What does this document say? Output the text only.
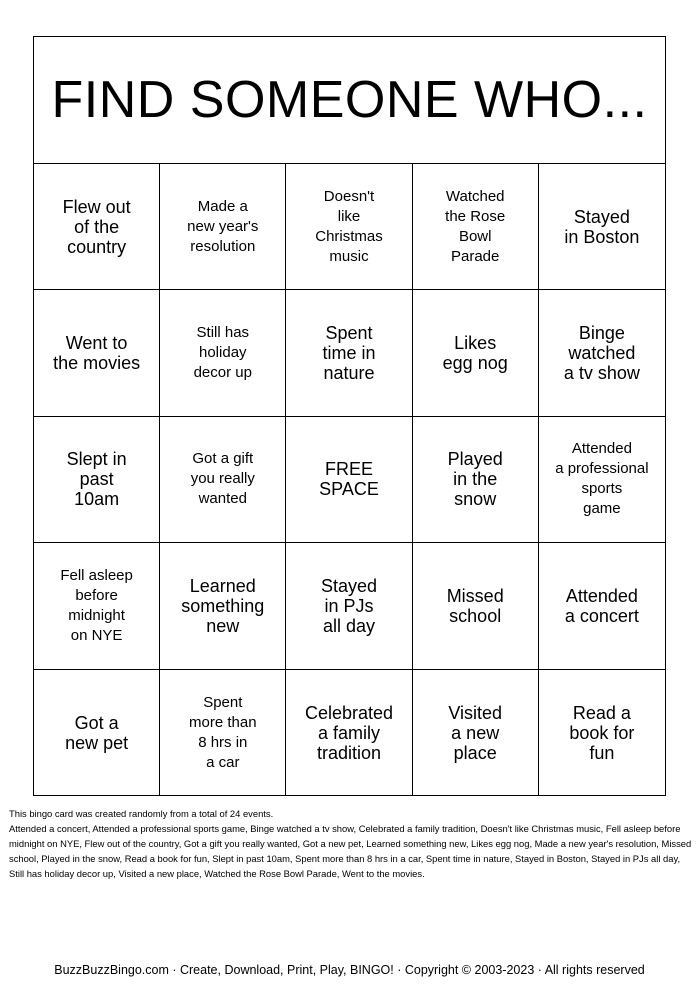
FIND SOMEONE WHO...
Flew out
of the
country
Made a
new year's
resolution
Doesn't
like
Christmas
music
Watched
the Rose
Bowl
Parade
Stayed
in Boston
Went to
the movies
Still has
holiday
decor up
Spent
time in
nature
Likes
egg nog
Binge
watched
a tv show
Slept in
past
10am
Got a gift
you really
wanted
FREE
SPACE
Played
in the
snow
Attended
a professional
sports
game
Fell asleep
before
midnight
on NYE
Learned
something
new
Stayed
in PJs
all day
Missed
school
Attended
a concert
Got a
new pet
Spent
more than
8 hrs in
a car
Celebrated
a family
tradition
Visited
a new
place
Read a
book for
fun
This bingo card was created randomly from a total of 24 events.
Attended a concert, Attended a professional sports game, Binge watched a tv show, Celebrated a family tradition, Doesn't like Christmas music, Fell asleep before midnight on NYE, Flew out of the country, Got a gift you really wanted, Got a new pet, Learned something new, Likes egg nog, Made a new year's resolution, Missed school, Played in the snow, Read a book for fun, Slept in past 10am, Spent more than 8 hrs in a car, Spent time in nature, Stayed in Boston, Stayed in PJs all day, Still has holiday decor up, Visited a new place, Watched the Rose Bowl Parade, Went to the movies.
BuzzBuzzBingo.com · Create, Download, Print, Play, BINGO! · Copyright © 2003-2023 · All rights reserved
